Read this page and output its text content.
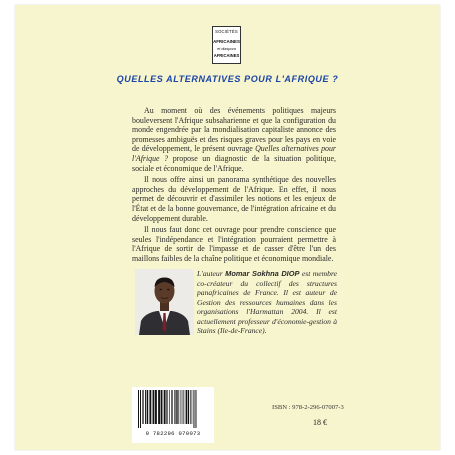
SOCIÉTÉS
AFRICAINES
et diaspora
AFRICAINES
QUELLES ALTERNATIVES POUR L'AFRIQUE ?

Au moment où des événements politiques majeurs bouleversent l'Afrique subsaharienne et que la configuration du monde engendrée par la mondialisation capitaliste annonce des promesses ambiguës et des risques graves pour les pays en voie de développement, le présent ouvrage Quelles alternatives pour l'Afrique ? propose un diagnostic de la situation politique, sociale et économique de l'Afrique.

Il nous offre ainsi un panorama synthétique des nouvelles approches du développement de l'Afrique. En effet, il nous permet de découvrir et d'assimiler les notions et les enjeux de l'État et de la bonne gouvernance, de l'intégration africaine et du développement durable.

Il nous faut donc cet ouvrage pour prendre conscience que seules l'indépendance et l'intégration pourraient permettre à l'Afrique de sortir de l'impasse et de casser d'être l'un des maillons faibles de la chaîne politique et économique mondiale.

L'auteur Momar Sokhna DIOP est membre co-créateur du collectif des structures panafricaines de France. Il est auteur de Gestion des ressources humaines dans les organisations l'Harmattan 2004. Il est actuellement professeur d'économie-gestion à Stains (Ile-de-France).
9 782296 070073
ISBN : 978-2-296-07007-3
18 €
